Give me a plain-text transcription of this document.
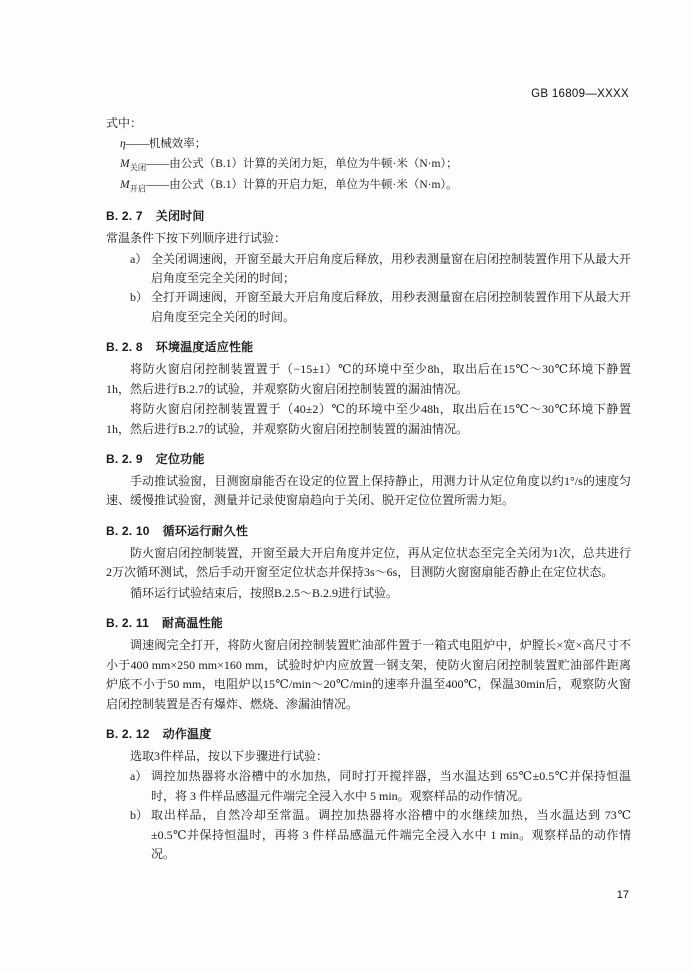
GB 16809—XXXX

式中：

η——机械效率；
$M_{关闭}——$由公式（B.1）计算的关闭力矩，单位为牛顿·米（N·m）；
$M_{开启}——$由公式（B.1）计算的开启力矩，单位为牛顿·米（N·m）。
B. 2. 7 关闭时间

常温条件下按下列顺序进行试验：

a） 全关闭调速阀，开窗至最大开启角度后释放，用秒表测量窗在启闭控制装置作用下从最大开启角度至完全关闭的时间；
b） 全打开调速阀，开窗至最大开启角度后释放，用秒表测量窗在启闭控制装置作用下从最大开启角度至完全关闭的时间。
B. 2. 8 环境温度适应性能

将防火窗启闭控制装置置于（−15±1）℃的环境中至少8h，取出后在15℃～30℃环境下静置1h，然后进行B.2.7的试验，并观察防火窗启闭控制装置的漏油情况。

将防火窗启闭控制装置置于（40±2）℃的环境中至少48h，取出后在15℃～30℃环境下静置1h，然后进行B.2.7的试验，并观察防火窗启闭控制装置的漏油情况。

B. 2. 9 定位功能

手动推试验窗，目测窗扇能否在设定的位置上保持静止，用测力计从定位角度以约1°/s的速度匀速、缓慢推试验窗，测量并记录使窗扇趋向于关闭、脱开定位位置所需力矩。

B. 2. 10 循环运行耐久性

防火窗启闭控制装置，开窗至最大开启角度并定位，再从定位状态至完全关闭为1次，总共进行2万次循环测试，然后手动开窗至定位状态并保持3s～6s，目测防火窗窗扇能否静止在定位状态。

循环运行试验结束后，按照B.2.5～B.2.9进行试验。

B. 2. 11 耐高温性能

调速阀完全打开，将防火窗启闭控制装置贮油部件置于一箱式电阻炉中，炉膛长×宽×高尺寸不小于400 mm×250 mm×160 mm，试验时炉内应放置一钢支架，使防火窗启闭控制装置贮油部件距离炉底不小于50 mm，电阻炉以15℃/min～20℃/min的速率升温至400℃，保温30min后，观察防火窗启闭控制装置是否有爆炸、燃烧、渗漏油情况。

B. 2. 12 动作温度

选取3件样品，按以下步骤进行试验：

a） 调控加热器将水浴槽中的水加热，同时打开搅拌器，当水温达到 65℃±0.5℃并保持恒温时，将 3 件样品感温元件端完全浸入水中 5 min。观察样品的动作情况。
b） 取出样品，自然冷却至常温。调控加热器将水浴槽中的水继续加热，当水温达到 73℃±0.5℃并保持恒温时，再将 3 件样品感温元件端完全浸入水中 1 min。观察样品的动作情况。
17
